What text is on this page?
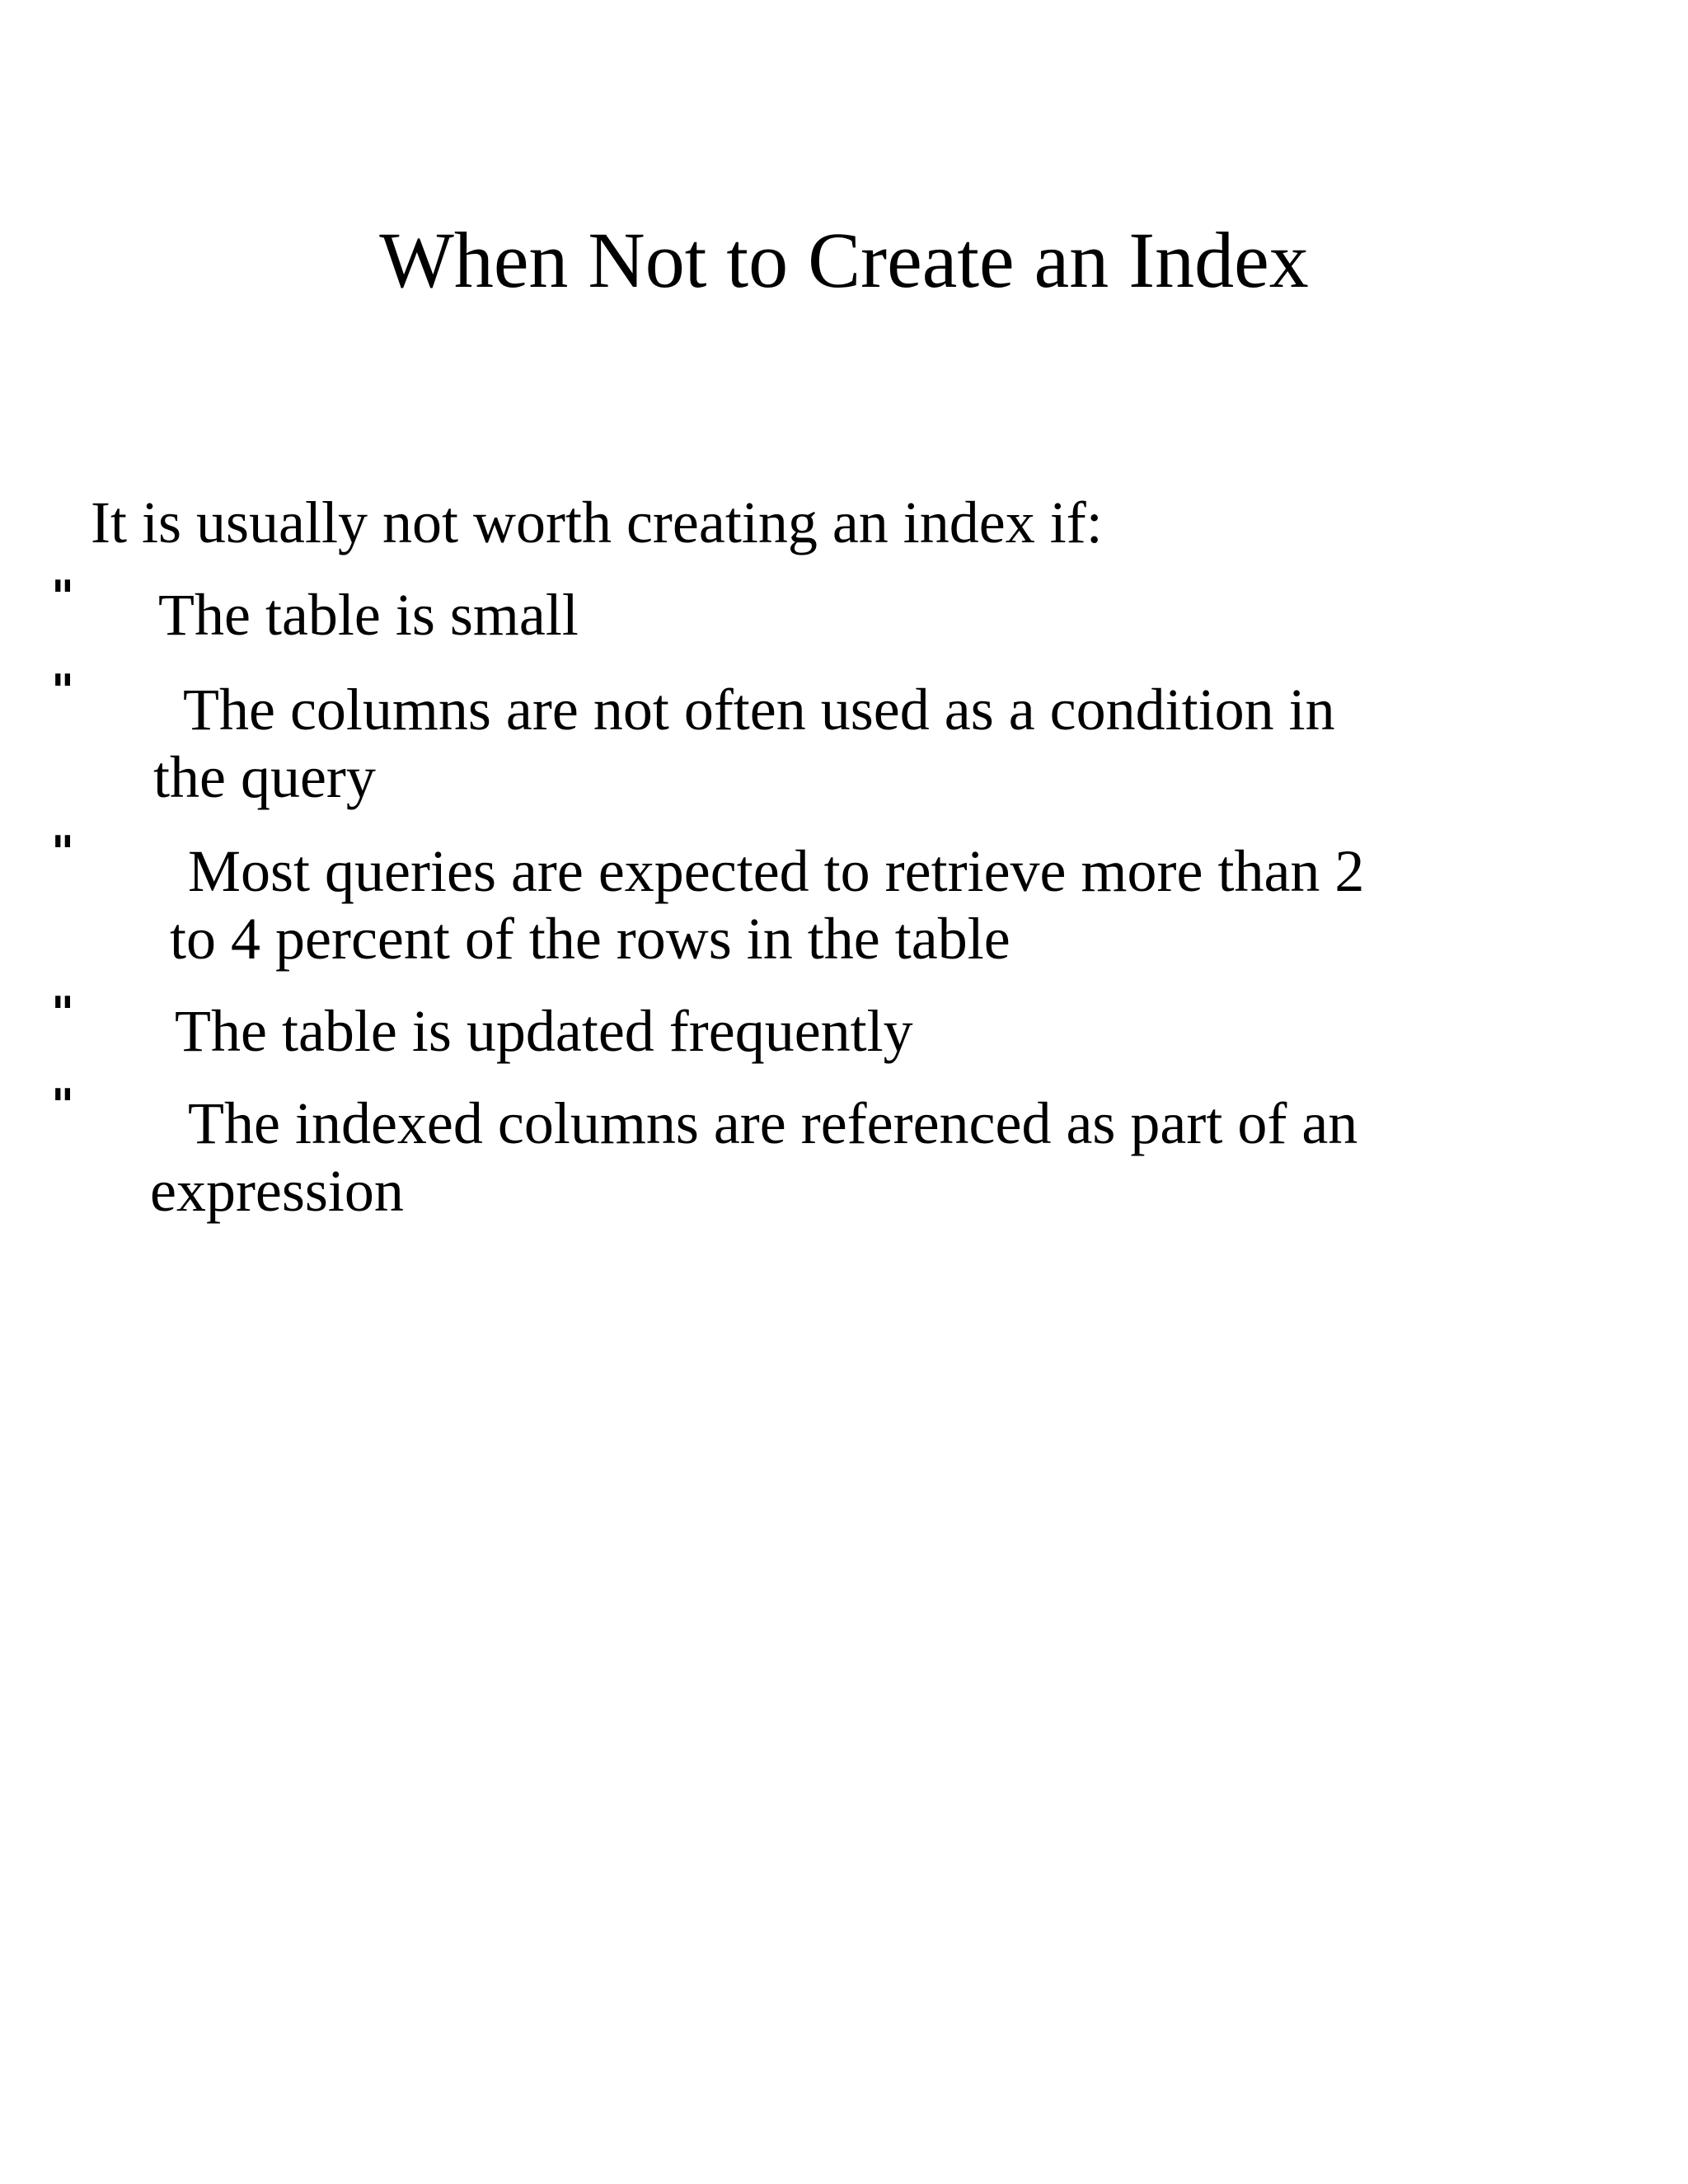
When Not to Create an Index
It is usually not worth creating an index if:
" The table is small
"	The columns are not often used as a condition in
the query
"	Most queries are expected to retrieve more than 2
to 4 percent of the rows in the table
" The table is updated frequently
"	The indexed columns are referenced as part of an
expression
